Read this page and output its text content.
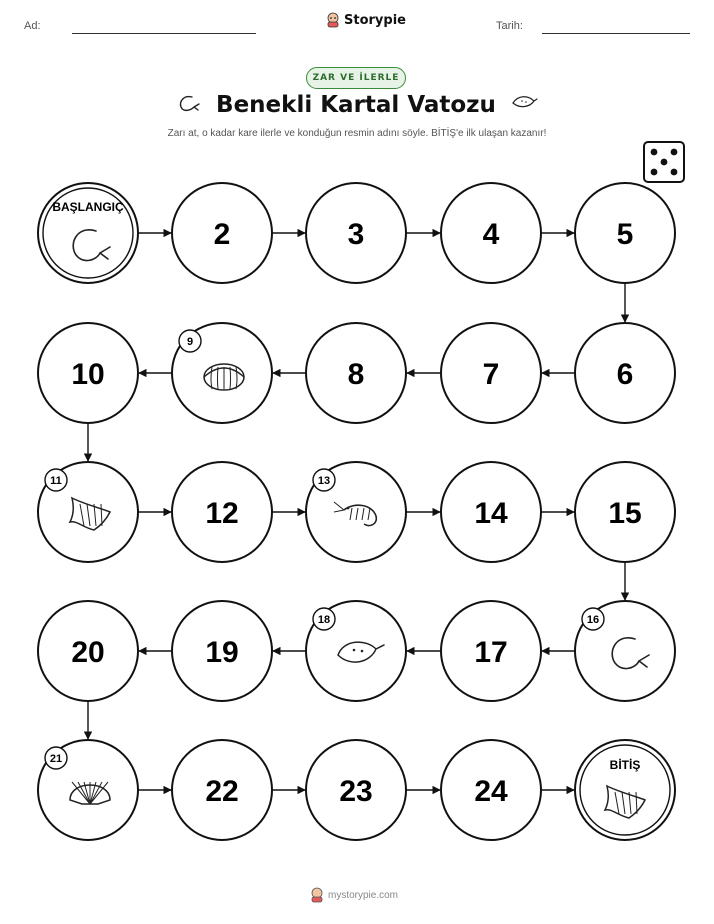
Ad:	Storypie	Tarih:
ZAR VE İLERLE
Benekli Kartal Vatozu
Zarı at, o kadar kare ilerle ve konduğun resmin adını söyle. BİTİŞ'e ilk ulaşan kazanır!
BAŞLANGIÇ
2	3	4	5
6
7
8
9
10
11
12
13
14	15
16
17
18
19
20
21
22	23	24
BİTİŞ
mystorypie.com
